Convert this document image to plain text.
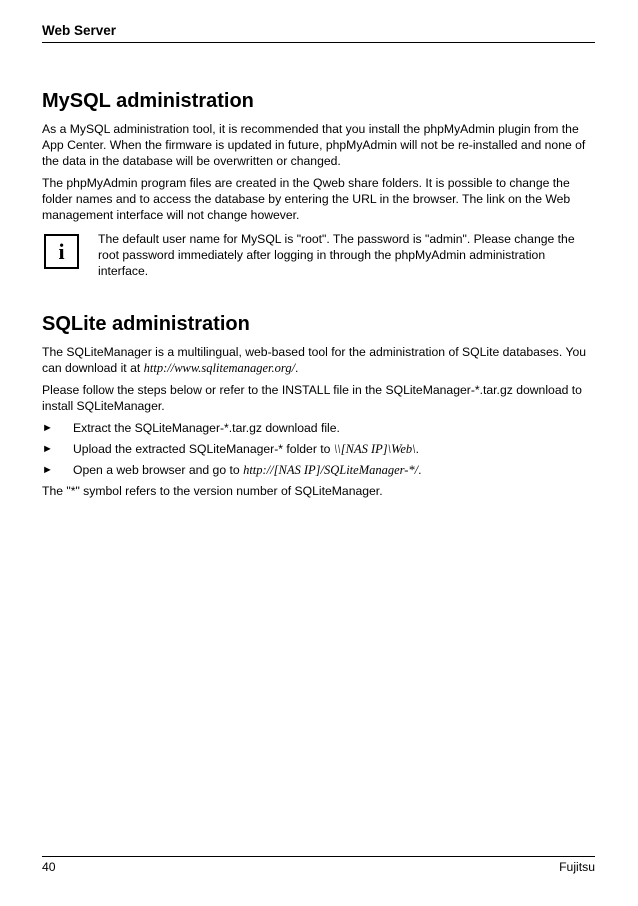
Web Server
MySQL administration

As a MySQL administration tool, it is recommended that you install the phpMyAdmin plugin from the App Center. When the firmware is updated in future, phpMyAdmin will not be re-installed and none of the data in the database will be overwritten or changed.

The phpMyAdmin program files are created in the Qweb share folders. It is possible to change the folder names and to access the database by entering the URL in the browser. The link on the Web management interface will not change however.

i	The default user name for MySQL is "root". The password is "admin". Please change the root password immediately after logging in through the phpMyAdmin administration interface.

SQLite administration

The SQLiteManager is a multilingual, web-based tool for the administration of SQLite databases. You can download it at http://www.sqlitemanager.org/.

Please follow the steps below or refer to the INSTALL file in the SQLiteManager-*.tar.gz download to install SQLiteManager.

►	Extract the SQLiteManager-*.tar.gz download file.
►	Upload the extracted SQLiteManager-* folder to \\[NAS IP]\Web\.
►	Open a web browser and go to http://[NAS IP]/SQLiteManager-*/.

The "*" symbol refers to the version number of SQLiteManager.

40	Fujitsu
